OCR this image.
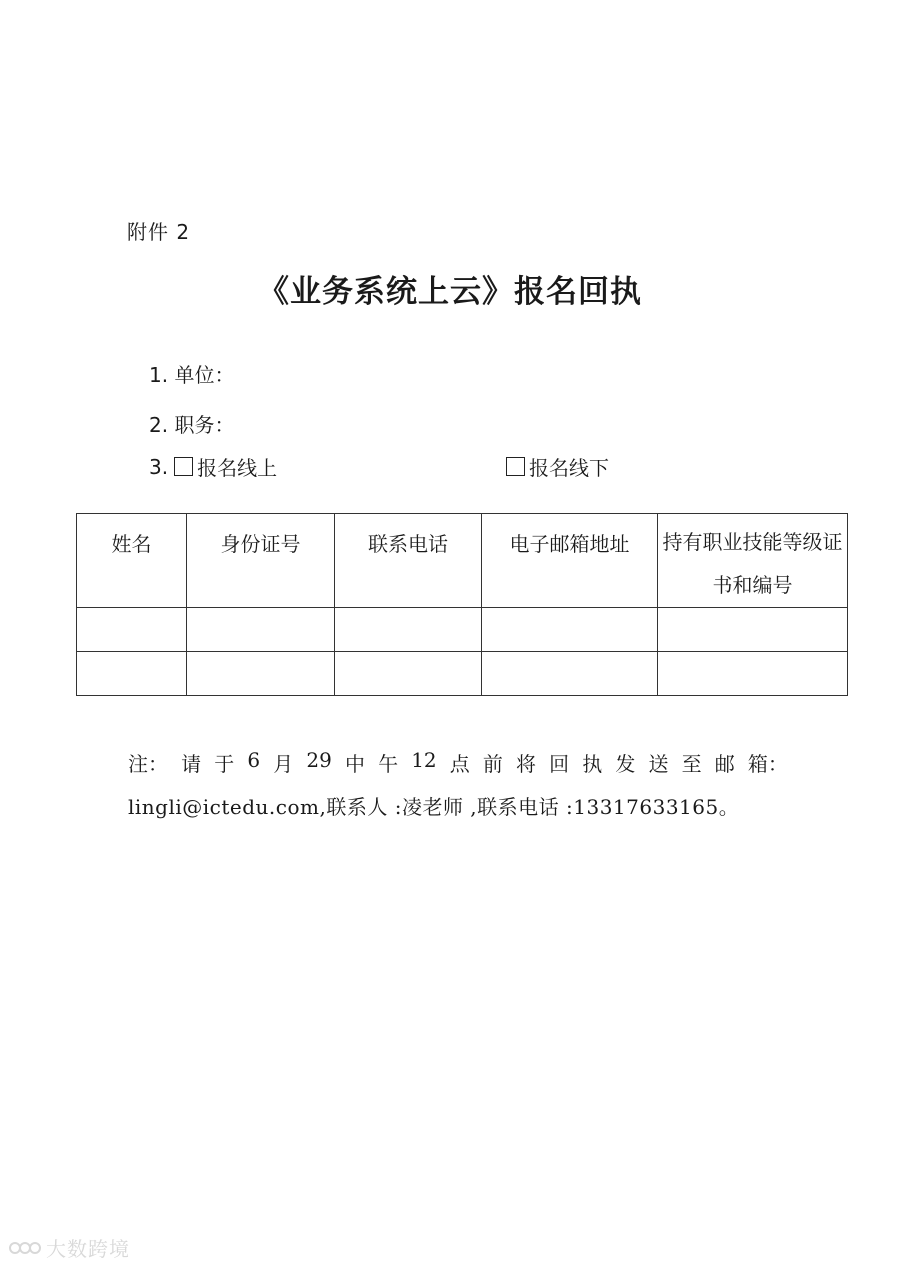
附件 2
《业务系统上云》报名回执
1. 单位：
2. 职务：
3. 报名线上	报名线下
姓名	身份证号	联系电话	电子邮箱地址	持有职业技能等级证书和编号

注： 请 于 6 月 29 中 午 12 点 前 将 回 执 发 送 至 邮 箱：
lingli@ictedu.com,联系人 :凌老师 ,联系电话 :13317633165。
大数跨境
